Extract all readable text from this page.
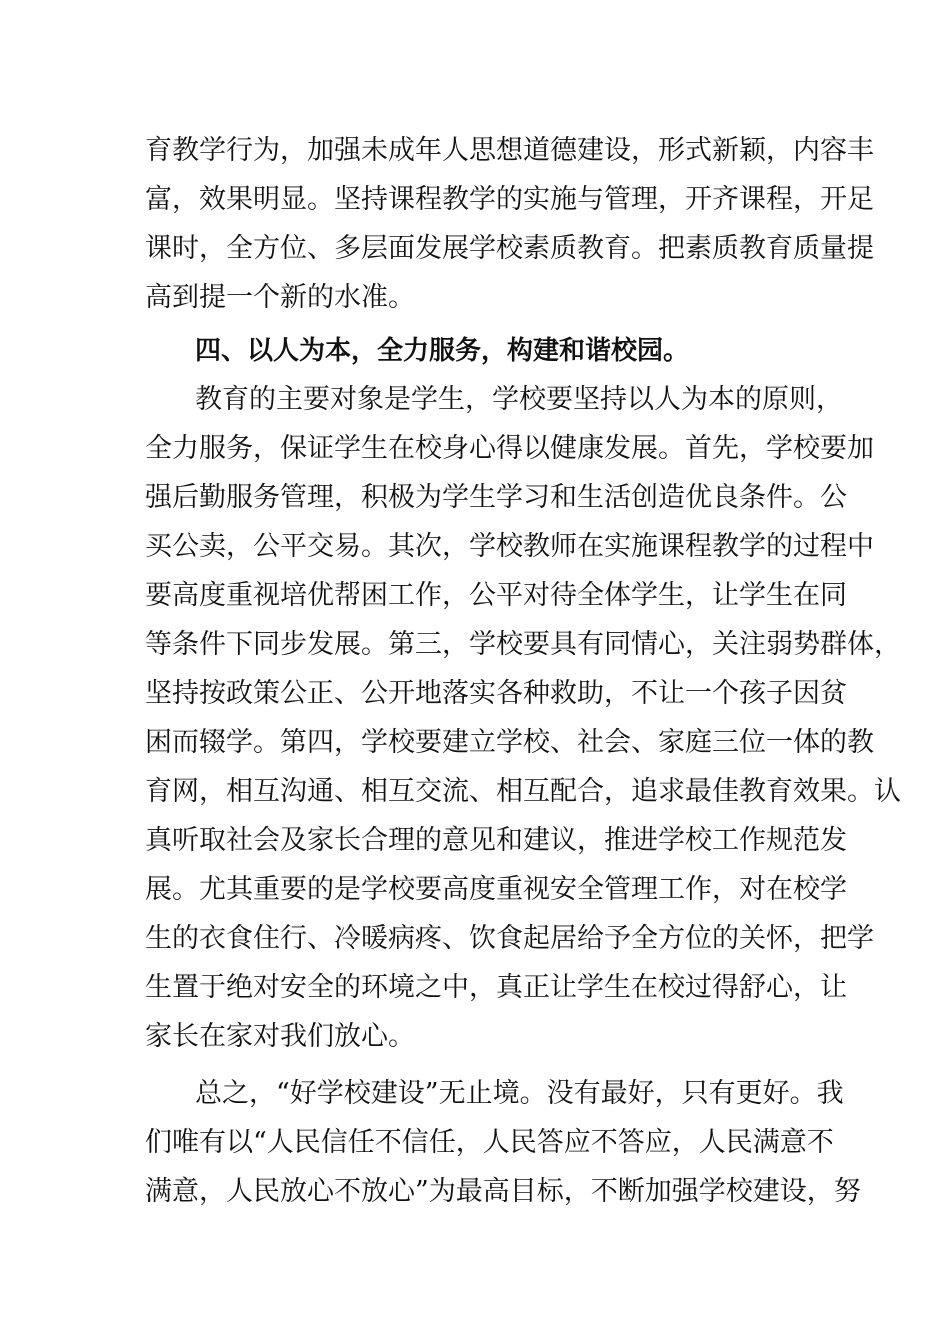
育教学行为，加强未成年人思想道德建设，形式新颖，内容丰
富，效果明显。坚持课程教学的实施与管理，开齐课程，开足
课时，全方位、多层面发展学校素质教育。把素质教育质量提
高到提一个新的水准。
四、以人为本，全力服务，构建和谐校园。
教育的主要对象是学生，学校要坚持以人为本的原则，
全力服务，保证学生在校身心得以健康发展。首先，学校要加
强后勤服务管理，积极为学生学习和生活创造优良条件。公
买公卖，公平交易。其次，学校教师在实施课程教学的过程中
要高度重视培优帮困工作，公平对待全体学生，让学生在同
等条件下同步发展。第三，学校要具有同情心，关注弱势群体，
坚持按政策公正、公开地落实各种救助，不让一个孩子因贫
困而辍学。第四，学校要建立学校、社会、家庭三位一体的教
育网，相互沟通、相互交流、相互配合，追求最佳教育效果。认
真听取社会及家长合理的意见和建议，推进学校工作规范发
展。尤其重要的是学校要高度重视安全管理工作，对在校学
生的衣食住行、冷暖病疼、饮食起居给予全方位的关怀，把学
生置于绝对安全的环境之中，真正让学生在校过得舒心，让
家长在家对我们放心。
总之，“好学校建设”无止境。没有最好，只有更好。我
们唯有以“人民信任不信任，人民答应不答应，人民满意不
满意，人民放心不放心”为最高目标，不断加强学校建设，努
